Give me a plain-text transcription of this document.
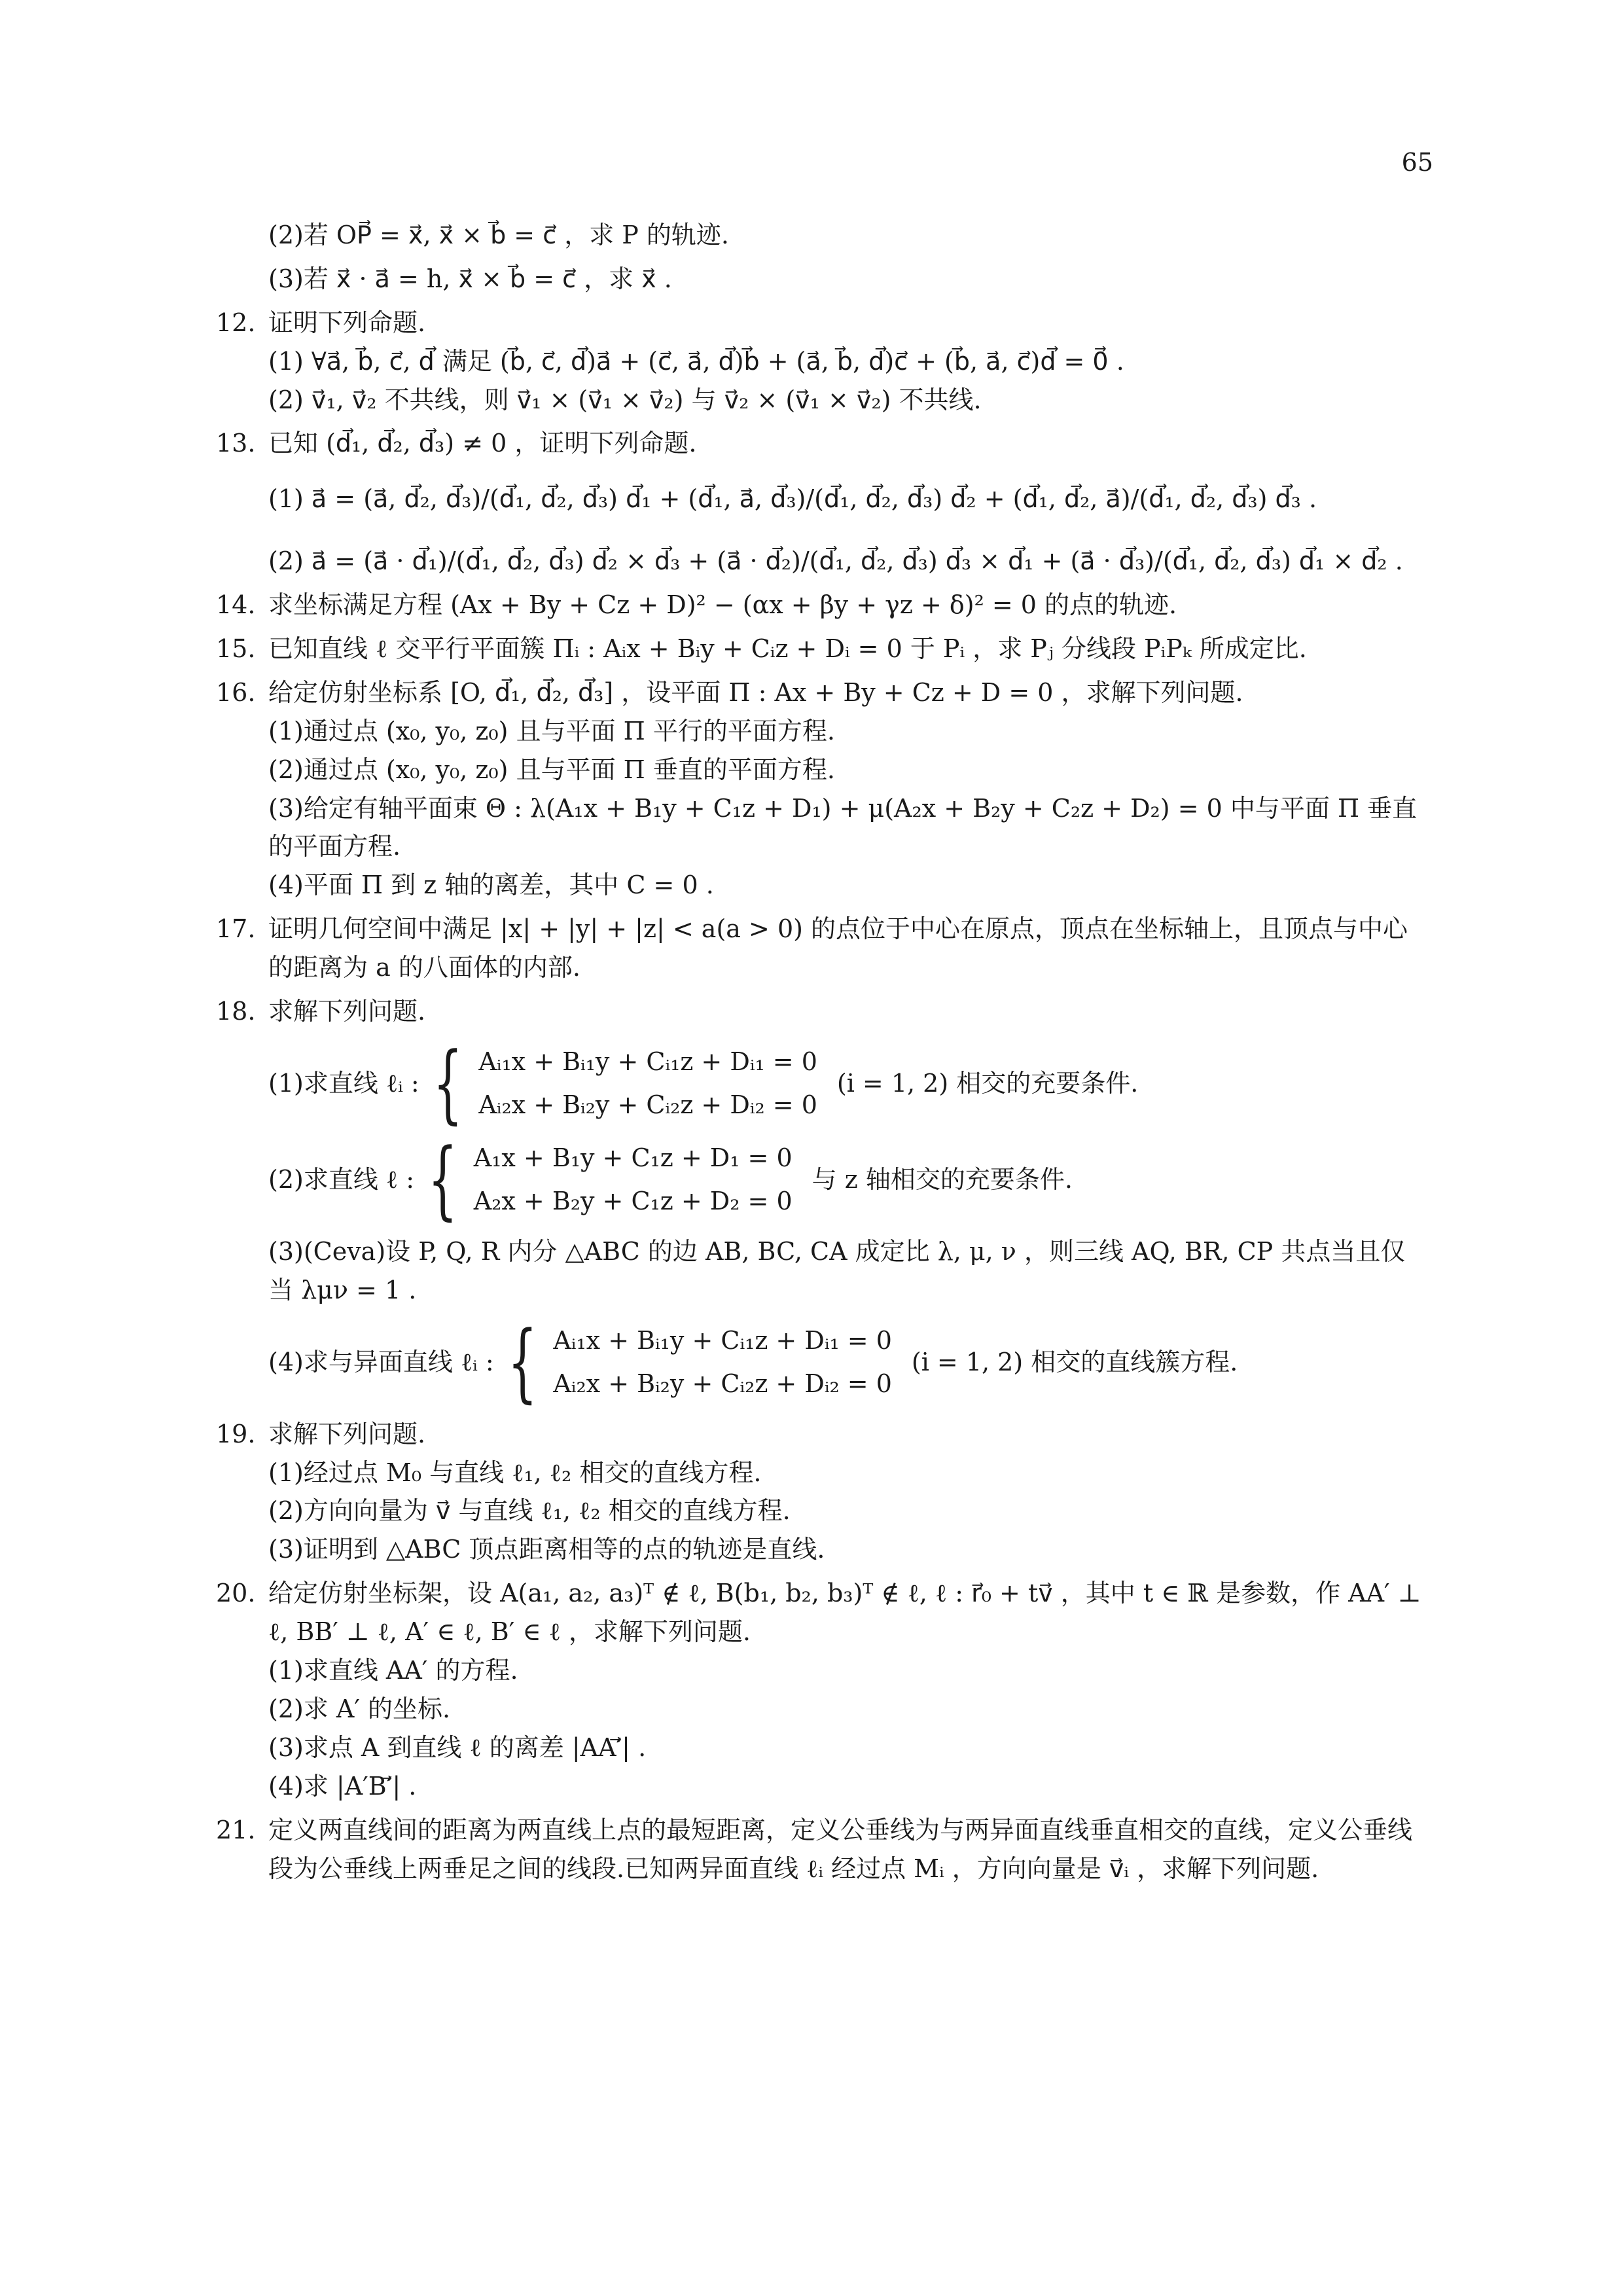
65
(2)若 OP⃗ = x⃗, x⃗ × b⃗ = c⃗ ，求 P 的轨迹.
(3)若 x⃗ · a⃗ = h, x⃗ × b⃗ = c⃗ ，求 x⃗ .
12. 证明下列命题.
(1) ∀a⃗, b⃗, c⃗, d⃗ 满足 (b⃗, c⃗, d⃗)a⃗ + (c⃗, a⃗, d⃗)b⃗ + (a⃗, b⃗, d⃗)c⃗ + (b⃗, a⃗, c⃗)d⃗ = 0⃗ .
(2) v⃗₁, v⃗₂ 不共线，则 v⃗₁ × (v⃗₁ × v⃗₂) 与 v⃗₂ × (v⃗₁ × v⃗₂) 不共线.
13. 已知 (d⃗₁, d⃗₂, d⃗₃) ≠ 0 ，证明下列命题.
(1) a⃗ = (a⃗, d⃗₂, d⃗₃)/(d⃗₁, d⃗₂, d⃗₃) d⃗₁ + (d⃗₁, a⃗, d⃗₃)/(d⃗₁, d⃗₂, d⃗₃) d⃗₂ + (d⃗₁, d⃗₂, a⃗)/(d⃗₁, d⃗₂, d⃗₃) d⃗₃ .
(2) a⃗ = (a⃗ · d⃗₁)/(d⃗₁, d⃗₂, d⃗₃) d⃗₂ × d⃗₃ + (a⃗ · d⃗₂)/(d⃗₁, d⃗₂, d⃗₃) d⃗₃ × d⃗₁ + (a⃗ · d⃗₃)/(d⃗₁, d⃗₂, d⃗₃) d⃗₁ × d⃗₂ .
14. 求坐标满足方程 (Ax + By + Cz + D)² − (αx + βy + γz + δ)² = 0 的点的轨迹.
15. 已知直线 ℓ 交平行平面簇 Πᵢ : Aᵢx + Bᵢy + Cᵢz + Dᵢ = 0 于 Pᵢ ，求 Pⱼ 分线段 PᵢPₖ 所成定比.
16. 给定仿射坐标系 [O, d⃗₁, d⃗₂, d⃗₃] ，设平面 Π : Ax + By + Cz + D = 0 ，求解下列问题.
(1)通过点 (x₀, y₀, z₀) 且与平面 Π 平行的平面方程.
(2)通过点 (x₀, y₀, z₀) 且与平面 Π 垂直的平面方程.
(3)给定有轴平面束 Θ : λ(A₁x + B₁y + C₁z + D₁) + μ(A₂x + B₂y + C₂z + D₂) = 0 中与平面 Π 垂直的平面方程.
(4)平面 Π 到 z 轴的离差，其中 C = 0 .
17. 证明几何空间中满足 |x| + |y| + |z| < a(a > 0) 的点位于中心在原点，顶点在坐标轴上，且顶点与中心的距离为 a 的八面体的内部.
18. 求解下列问题.
(1)求直线 ℓᵢ : { Aᵢ₁x + Bᵢ₁y + Cᵢ₁z + Dᵢ₁ = 0
Aᵢ₂x + Bᵢ₂y + Cᵢ₂z + Dᵢ₂ = 0
(i = 1, 2) 相交的充要条件.
(2)求直线 ℓ : { A₁x + B₁y + C₁z + D₁ = 0
A₂x + B₂y + C₁z + D₂ = 0
与 z 轴相交的充要条件.
(3)(Ceva)设 P, Q, R 内分 △ABC 的边 AB, BC, CA 成定比 λ, μ, ν ，则三线 AQ, BR, CP 共点当且仅当 λμν = 1 .
(4)求与异面直线 ℓᵢ : { Aᵢ₁x + Bᵢ₁y + Cᵢ₁z + Dᵢ₁ = 0
Aᵢ₂x + Bᵢ₂y + Cᵢ₂z + Dᵢ₂ = 0
(i = 1, 2) 相交的直线簇方程.
19. 求解下列问题.
(1)经过点 M₀ 与直线 ℓ₁, ℓ₂ 相交的直线方程.
(2)方向向量为 v⃗ 与直线 ℓ₁, ℓ₂ 相交的直线方程.
(3)证明到 △ABC 顶点距离相等的点的轨迹是直线.
20. 给定仿射坐标架，设 A(a₁, a₂, a₃)ᵀ ∉ ℓ, B(b₁, b₂, b₃)ᵀ ∉ ℓ, ℓ : r⃗₀ + tv⃗ ，其中 t ∈ ℝ 是参数，作 AA′ ⊥ ℓ, BB′ ⊥ ℓ, A′ ∈ ℓ, B′ ∈ ℓ ，求解下列问题.
(1)求直线 AA′ 的方程.
(2)求 A′ 的坐标.
(3)求点 A 到直线 ℓ 的离差 |AA′⃗| .
(4)求 |A′B′⃗| .
21. 定义两直线间的距离为两直线上点的最短距离，定义公垂线为与两异面直线垂直相交的直线，定义公垂线段为公垂线上两垂足之间的线段.已知两异面直线 ℓᵢ 经过点 Mᵢ ，方向向量是 v⃗ᵢ ，求解下列问题.
